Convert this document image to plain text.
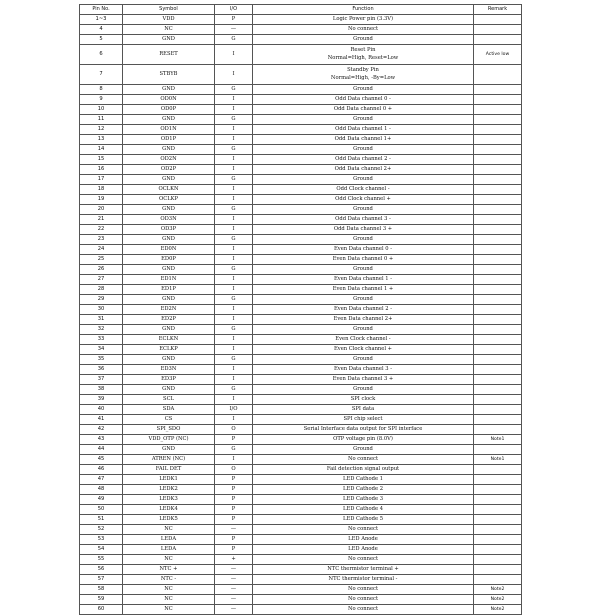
Pin No.	Symbol	I/O	Function	Remark
1~3	VDD	P	Logic Power pin (3.3V)	
4	NC	—	No connect	
5	GND	G	Ground	
6	RESET	I	Reset Pin
Normal=High, Reset=Low	Active low
7	STBYB	I	Standby Pin
Normal=High, -By=Low	
8	GND	G	Ground	
9	OD0N	I	Odd Data channel 0 -	
10	OD0P	I	Odd Data channel 0 +	
11	GND	G	Ground	
12	OD1N	I	Odd Data channel 1 -	
13	OD1P	I	Odd Data channel 1+	
14	GND	G	Ground	
15	OD2N	I	Odd Data channel 2 -	
16	OD2P	I	Odd Data channel 2+	
17	GND	G	Ground	
18	OCLKN	I	Odd Clock channel -	
19	OCLKP	I	Odd Clock channel +	
20	GND	G	Ground	
21	OD3N	I	Odd Data channel 3 -	
22	OD3P	I	Odd Data channel 3 +	
23	GND	G	Ground	
24	ED0N	I	Even Data channel 0 -	
25	ED0P	I	Even Data channel 0 +	
26	GND	G	Ground	
27	ED1N	I	Even Data channel 1 -	
28	ED1P	I	Even Data channel 1 +	
29	GND	G	Ground	
30	ED2N	I	Even Data channel 2 -	
31	ED2P	I	Even Data channel 2+	
32	GND	G	Ground	
33	ECLKN	I	Even Clock channel -	
34	ECLKP	I	Even Clock channel +	
35	GND	G	Ground	
36	ED3N	I	Even Data channel 3 -	
37	ED3P	I	Even Data channel 3 +	
38	GND	G	Ground	
39	SCL	I	SPI clock	
40	SDA	I/O	SPI data	
41	CS	I	SPI chip select	
42	SPI_SDO	O	Serial Interface data output for SPI interface	
43	VDD_OTP (NC)	P	OTP voltage pin (8.0V)	Note1
44	GND	G	Ground	
45	ATREN (NC)	I	No connect	Note1
46	FAIL DET	O	Fail detection signal output	
47	LEDK1	P	LED Cathode 1	
48	LEDK2	P	LED Cathode 2	
49	LEDK3	P	LED Cathode 3	
50	LEDK4	P	LED Cathode 4	
51	LEDK5	P	LED Cathode 5	
52	NC	—	No connect	
53	LEDA	P	LED Anode	
54	LEDA	P	LED Anode	
55	NC	+	No connect	
56	NTC +	—	NTC thermistor terminal +	
57	NTC -	—	NTC thermistor terminal -	
58	NC	—	No connect	Note2
59	NC	—	No connect	Note2
60	NC	—	No connect	Note2
